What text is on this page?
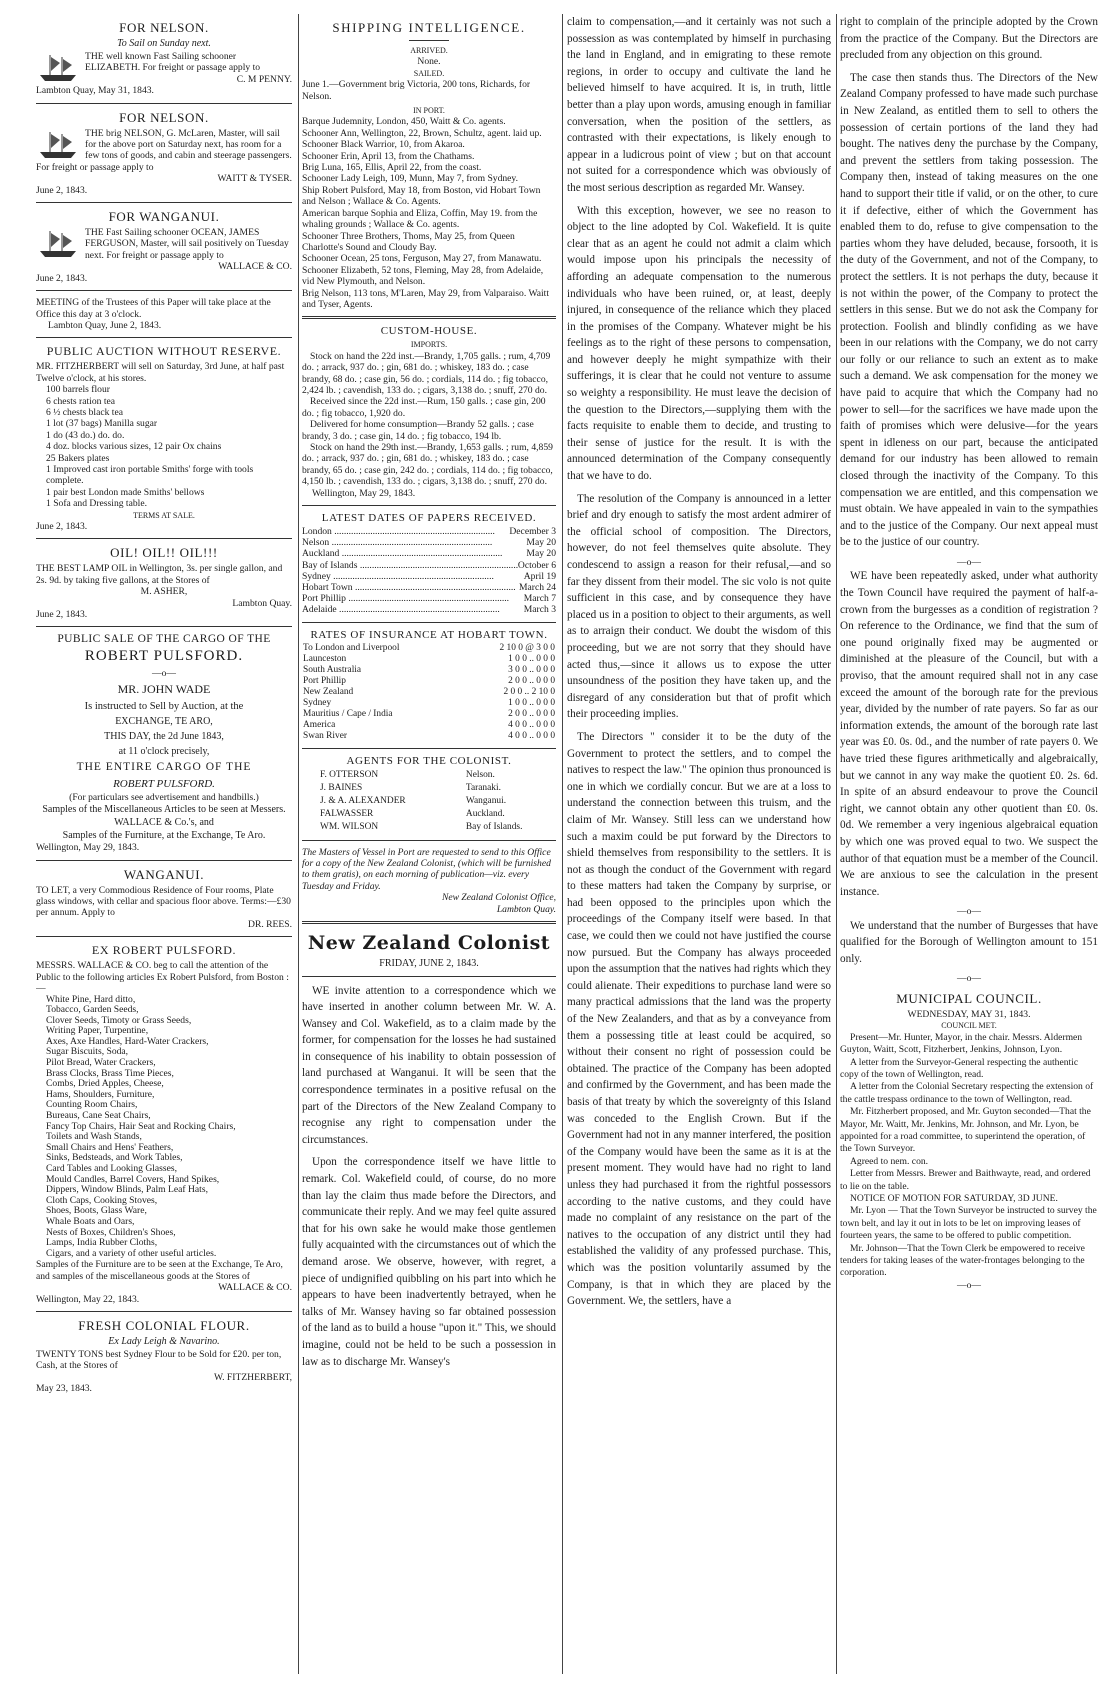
FOR NELSON.
To Sail on Sunday next.
THE well known Fast Sailing schooner ELIZABETH. For freight or passage apply to
C. M PENNY.
Lambton Quay, May 31, 1843.
FOR NELSON.
THE brig NELSON, G. McLaren, Master, will sail for the above port on Saturday next, has room for a few tons of goods, and cabin and steerage passengers.
For freight or passage apply to
WAITT & TYSER.
June 2, 1843.
FOR WANGANUI.
THE Fast Sailing schooner OCEAN, JAMES FERGUSON, Master, will sail positively on Tuesday next. For freight or passage apply to
WALLACE & CO.
June 2, 1843.
MEETING of the Trustees of this Paper will take place at the Office this day at 3 o'clock.
Lambton Quay, June 2, 1843.
PUBLIC AUCTION WITHOUT RESERVE.
MR. FITZHERBERT will sell on Saturday, 3rd June, at half past Twelve o'clock, at his stores.
100 barrels flour
6 chests ration tea
6 ½ chests black tea
1 lot (37 bags) Manilla sugar
1 do (43 do.) do. do.
4 doz. blocks various sizes, 12 pair Ox chains
25 Bakers plates
1 Improved cast iron portable Smiths' forge with tools complete.
1 pair best London made Smiths' bellows
1 Sofa and Dressing table.
TERMS AT SALE.
June 2, 1843.
OIL! OIL!! OIL!!!
THE BEST LAMP OIL in Wellington, 3s. per single gallon, and 2s. 9d. by taking five gallons, at the Stores of
M. ASHER,
Lambton Quay.
June 2, 1843.
PUBLIC SALE OF THE CARGO OF THE
ROBERT PULSFORD.
—o—
MR. JOHN WADE
Is instructed to Sell by Auction, at the
EXCHANGE, TE ARO,
THIS DAY, the 2d June 1843,
at 11 o'clock precisely,
THE ENTIRE CARGO OF THE
ROBERT PULSFORD.
(For particulars see advertisement and handbills.)
Samples of the Miscellaneous Articles to be seen at Messers. WALLACE & Co.'s, and
Samples of the Furniture, at the Exchange, Te Aro.
Wellington, May 29, 1843.
WANGANUI.
TO LET, a very Commodious Residence of Four rooms, Plate glass windows, with cellar and spacious floor above. Terms:—£30 per annum. Apply to
DR. REES.
EX ROBERT PULSFORD.
MESSRS. WALLACE & CO. beg to call the attention of the Public to the following articles Ex Robert Pulsford, from Boston :—
White Pine, Hard ditto,
Tobacco, Garden Seeds,
Clover Seeds, Timoty or Grass Seeds,
Writing Paper, Turpentine,
Axes, Axe Handles, Hard-Water Crackers,
Sugar Biscuits, Soda,
Pilot Bread, Water Crackers,
Brass Clocks, Brass Time Pieces,
Combs, Dried Apples, Cheese,
Hams, Shoulders, Furniture,
Counting Room Chairs,
Bureaus, Cane Seat Chairs,
Fancy Top Chairs, Hair Seat and Rocking Chairs,
Toilets and Wash Stands,
Small Chairs and Hens' Feathers,
Sinks, Bedsteads, and Work Tables,
Card Tables and Looking Glasses,
Mould Candles, Barrel Covers, Hand Spikes,
Dippers, Window Blinds, Palm Leaf Hats,
Cloth Caps, Cooking Stoves,
Shoes, Boots, Glass Ware,
Whale Boats and Oars,
Nests of Boxes, Children's Shoes,
Lamps, India Rubber Cloths,
Cigars, and a variety of other useful articles.
Samples of the Furniture are to be seen at the Exchange, Te Aro, and samples of the miscellaneous goods at the Stores of
WALLACE & CO.
Wellington, May 22, 1843.
FRESH COLONIAL FLOUR.
Ex Lady Leigh & Navarino.
TWENTY TONS best Sydney Flour to be Sold for £20. per ton, Cash, at the Stores of
W. FITZHERBERT,
May 23, 1843.
SHIPPING INTELLIGENCE.
ARRIVED.
None.
SAILED.
June 1.—Government brig Victoria, 200 tons, Richards, for Nelson.
IN PORT.
Barque Judemnity, London, 450, Waitt & Co. agents.
Schooner Ann, Wellington, 22, Brown, Schultz, agent. laid up.
Schooner Black Warrior, 10, from Akaroa.
Schooner Erin, April 13, from the Chathams.
Brig Luna, 165, Ellis, April 22, from the coast.
Schooner Lady Leigh, 109, Munn, May 7, from Sydney.
Ship Robert Pulsford, May 18, from Boston, vid Hobart Town and Nelson ; Wallace & Co. Agents.
American barque Sophia and Eliza, Coffin, May 19. from the whaling grounds ; Wallace & Co. agents.
Schooner Three Brothers, Thoms, May 25, from Queen Charlotte's Sound and Cloudy Bay.
Schooner Ocean, 25 tons, Ferguson, May 27, from Manawatu.
Schooner Elizabeth, 52 tons, Fleming, May 28, from Adelaide, vid New Plymouth, and Nelson.
Brig Nelson, 113 tons, M'Laren, May 29, from Valparaiso. Waitt and Tyser, Agents.
CUSTOM-HOUSE.
IMPORTS.
Stock on hand the 22d inst.—Brandy, 1,705 galls. ; rum, 4,709 do. ; arrack, 937 do. ; gin, 681 do. ; whiskey, 183 do. ; case brandy, 68 do. ; case gin, 56 do. ; cordials, 114 do. ; fig tobacco, 2,424 lb. ; cavendish, 133 do. ; cigars, 3,138 do. ; snuff, 270 do.
Received since the 22d inst.—Rum, 150 galls. ; case gin, 200 do. ; fig tobacco, 1,920 do.
Delivered for home consumption—Brandy 52 galls. ; case brandy, 3 do. ; case gin, 14 do. ; fig tobacco, 194 lb.
Stock on hand the 29th inst.—Brandy, 1,653 galls. ; rum, 4,859 do. ; arrack, 937 do. ; gin, 681 do. ; whiskey, 183 do. ; case brandy, 65 do. ; case gin, 242 do. ; cordials, 114 do. ; fig tobacco, 4,150 lb. ; cavendish, 133 do. ; cigars, 3,138 do. ; snuff, 270 do.
Wellington, May 29, 1843.
LATEST DATES OF PAPERS RECEIVED.
London .....	December 3
Nelson .....	May 20
Auckland .....	May 20
Bay of Islands .....	October 6
Sydney .....	April 19
Hobart Town .....	March 24
Port Phillip .....	March 7
Adelaide .....	March 3
RATES OF INSURANCE AT HOBART TOWN.
To London and Liverpool	2 10 0 @ 3 0 0
Launceston	1 0 0 .. 0 0 0
South Australia	3 0 0 .. 0 0 0
Port Phillip	2 0 0 .. 0 0 0
New Zealand	2 0 0 .. 2 10 0
Sydney	1 0 0 .. 0 0 0
Mauritius / Cape / India	2 0 0 .. 0 0 0
America	4 0 0 .. 0 0 0
Swan River	4 0 0 .. 0 0 0
AGENTS FOR THE COLONIST.
F. OTTERSON	Nelson.
J. BAINES	Taranaki.
J. & A. ALEXANDER	Wanganui.
FALWASSER	Auckland.
WM. WILSON	Bay of Islands.
The Masters of Vessel in Port are requested to send to this Office for a copy of the New Zealand Colonist, (which will be furnished to them gratis), on each morning of publication—viz. every Tuesday and Friday.
New Zealand Colonist Office,
Lambton Quay.
New Zealand Colonist
FRIDAY, JUNE 2, 1843.

WE invite attention to a correspondence which we have inserted in another column between Mr. W. A. Wansey and Col. Wakefield, as to a claim made by the former, for compensation for the losses he had sustained in consequence of his inability to obtain possession of land purchased at Wanganui. It will be seen that the correspondence terminates in a positive refusal on the part of the Directors of the New Zealand Company to recognise any right to compensation under the circumstances.

Upon the correspondence itself we have little to remark. Col. Wakefield could, of course, do no more than lay the claim thus made before the Directors, and communicate their reply. And we may feel quite assured that for his own sake he would make those gentlemen fully acquainted with the circumstances out of which the demand arose. We observe, however, with regret, a piece of undignified quibbling on his part into which he appears to have been inadvertently betrayed, when he talks of Mr. Wansey having so far obtained possession of the land as to build a house "upon it." This, we should imagine, could not be held to be such a possession in law as to discharge Mr. Wansey's

claim to compensation,—and it certainly was not such a possession as was contemplated by himself in purchasing the land in England, and in emigrating to these remote regions, in order to occupy and cultivate the land he believed himself to have acquired. It is, in truth, little better than a play upon words, amusing enough in familiar conversation, when the position of the settlers, as contrasted with their expectations, is likely enough to appear in a ludicrous point of view ; but on that account not suited for a correspondence which was obviously of the most serious description as regarded Mr. Wansey.

With this exception, however, we see no reason to object to the line adopted by Col. Wakefield. It is quite clear that as an agent he could not admit a claim which would impose upon his principals the necessity of affording an adequate compensation to the numerous individuals who have been ruined, or, at least, deeply injured, in consequence of the reliance which they placed in the promises of the Company. Whatever might be his feelings as to the right of these persons to compensation, and however deeply he might sympathize with their sufferings, it is clear that he could not venture to assume so weighty a responsibility. He must leave the decision of the question to the Directors,—supplying them with the facts requisite to enable them to decide, and trusting to their sense of justice for the result. It is with the announced determination of the Company consequently that we have to do.

The resolution of the Company is announced in a letter brief and dry enough to satisfy the most ardent admirer of the official school of composition. The Directors, however, do not feel themselves quite absolute. They condescend to assign a reason for their refusal,—and so far they dissent from their model. The sic volo is not quite sufficient in this case, and by consequence they have placed us in a position to object to their arguments, as well as to arraign their conduct. We doubt the wisdom of this proceeding, but we are not sorry that they should have acted thus,—since it allows us to expose the utter unsoundness of the position they have taken up, and the disregard of any consideration but that of profit which their proceeding implies.

The Directors " consider it to be the duty of the Government to protect the settlers, and to compel the natives to respect the law." The opinion thus pronounced is one in which we cordially concur. But we are at a loss to understand the connection between this truism, and the claim of Mr. Wansey. Still less can we understand how such a maxim could be put forward by the Directors to shield themselves from responsibility to the settlers. It is not as though the conduct of the Government with regard to these matters had taken the Company by surprise, or had been opposed to the principles upon which the proceedings of the Company itself were based. In that case, we could then we could not have justified the course now pursued. But the Company has always proceeded upon the assumption that the natives had rights which they could alienate. Their expeditions to purchase land were so many practical admissions that the land was the property of the New Zealanders, and that as by a conveyance from them a possessing title at least could be acquired, so without their consent no right of possession could be obtained. The practice of the Company has been adopted and confirmed by the Government, and has been made the basis of that treaty by which the sovereignty of this Island was conceded to the English Crown. But if the Government had not in any manner interfered, the position of the Company would have been the same as it is at the present moment. They would have had no right to land unless they had purchased it from the rightful possessors according to the native customs, and they could have made no complaint of any resistance on the part of the natives to the occupation of any district until they had established the validity of any professed purchase. This, which was the position voluntarily assumed by the Company, is that in which they are placed by the Government. We, the settlers, have a

right to complain of the principle adopted by the Crown from the practice of the Company. But the Directors are precluded from any objection on this ground.

The case then stands thus. The Directors of the New Zealand Company professed to have made such purchase in New Zealand, as entitled them to sell to others the possession of certain portions of the land they had bought. The natives deny the purchase by the Company, and prevent the settlers from taking possession. The Company then, instead of taking measures on the one hand to support their title if valid, or on the other, to cure it if defective, either of which the Government has enabled them to do, refuse to give compensation to the parties whom they have deluded, because, forsooth, it is the duty of the Government, and not of the Company, to protect the settlers. It is not perhaps the duty, because it is not within the power, of the Company to protect the settlers in this sense. But we do not ask the Company for protection. Foolish and blindly confiding as we have been in our relations with the Company, we do not carry our folly or our reliance to such an extent as to make such a demand. We ask compensation for the money we have paid to acquire that which the Company had no power to sell—for the sacrifices we have made upon the faith of promises which were delusive—for the years spent in idleness on our part, because the anticipated demand for our industry has been allowed to remain closed through the inactivity of the Company. To this compensation we are entitled, and this compensation we must obtain. We have appealed in vain to the sympathies and to the justice of the Company. Our next appeal must be to the justice of our country.

—o—

WE have been repeatedly asked, under what authority the Town Council have required the payment of half-a-crown from the burgesses as a condition of registration ? On reference to the Ordinance, we find that the sum of one pound originally fixed may be augmented or diminished at the pleasure of the Council, but with a proviso, that the amount required shall not in any case exceed the amount of the borough rate for the previous year, divided by the number of rate payers. So far as our information extends, the amount of the borough rate last year was £0. 0s. 0d., and the number of rate payers 0. We have tried these figures arithmetically and algebraically, but we cannot in any way make the quotient £0. 2s. 6d. In spite of an absurd endeavour to prove the Council right, we cannot obtain any other quotient than £0. 0s. 0d. We remember a very ingenious algebraical equation by which one was proved equal to two. We suspect the author of that equation must be a member of the Council. We are anxious to see the calculation in the present instance.

—o—

We understand that the number of Burgesses that have qualified for the Borough of Wellington amount to 151 only.

—o—
MUNICIPAL COUNCIL.
WEDNESDAY, MAY 31, 1843.
COUNCIL MET.
Present—Mr. Hunter, Mayor, in the chair. Messrs. Aldermen Guyton, Waitt, Scott, Fitzherbert, Jenkins, Johnson, Lyon.
A letter from the Surveyor-General respecting the authentic copy of the town of Wellington, read.
A letter from the Colonial Secretary respecting the extension of the cattle trespass ordinance to the town of Wellington, read.
Mr. Fitzherbert proposed, and Mr. Guyton seconded—That the Mayor, Mr. Waitt, Mr. Jenkins, Mr. Johnson, and Mr. Lyon, be appointed for a road committee, to superintend the operation, of the Town Surveyor.
Agreed to nem. con.
Letter from Messrs. Brewer and Baithwayte, read, and ordered to lie on the table.
NOTICE OF MOTION FOR SATURDAY, 3D JUNE.
Mr. Lyon — That the Town Surveyor be instructed to survey the town belt, and lay it out in lots to be let on improving leases of fourteen years, the same to be offered to public competition.
Mr. Johnson—That the Town Clerk be empowered to receive tenders for taking leases of the water-frontages belonging to the corporation.
—o—
